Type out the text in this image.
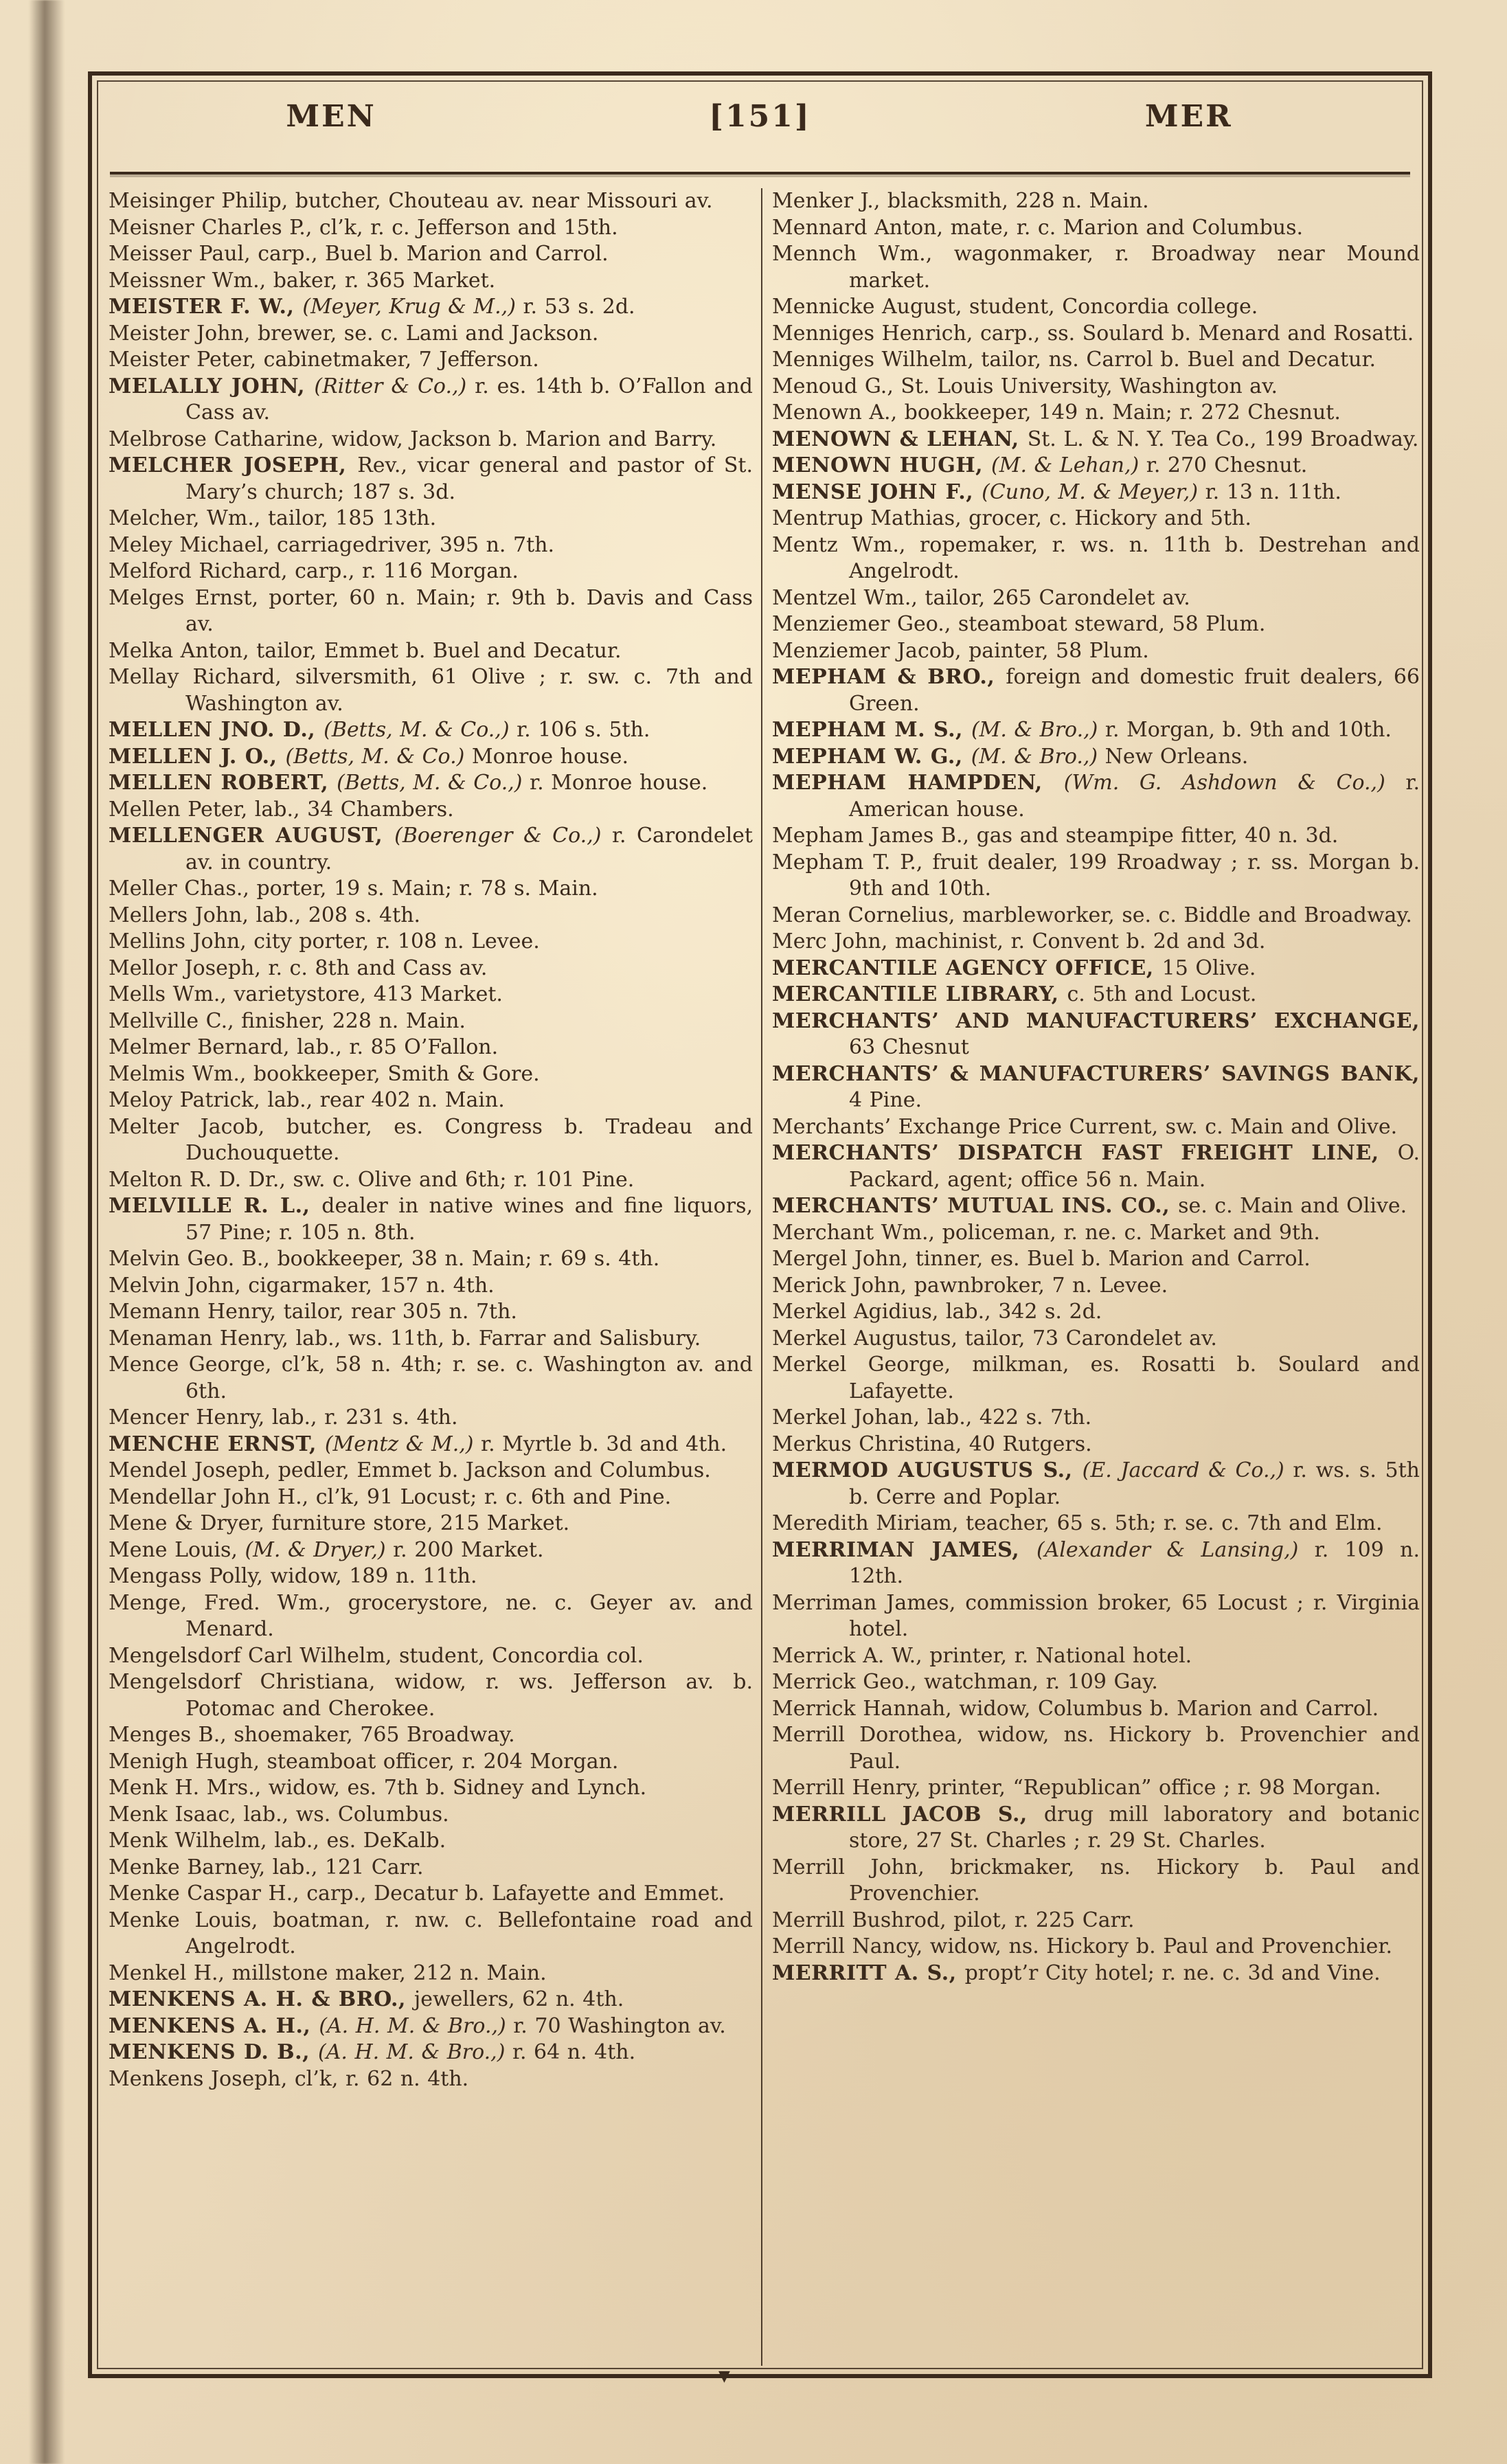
MEN	[151]	MER

Meisinger Philip, butcher, Chouteau av. near Missouri av.

Meisner Charles P., cl’k, r. c. Jefferson and 15th.

Meisser Paul, carp., Buel b. Marion and Carrol.

Meissner Wm., baker, r. 365 Market.

MEISTER F. W., (Meyer, Krug & M.,) r. 53 s. 2d.

Meister John, brewer, se. c. Lami and Jackson.

Meister Peter, cabinetmaker, 7 Jefferson.

MELALLY JOHN, (Ritter & Co.,) r. es. 14th b. O’Fallon and Cass av.

Melbrose Catharine, widow, Jackson b. Marion and Barry.

MELCHER JOSEPH, Rev., vicar general and pastor of St. Mary’s church; 187 s. 3d.

Melcher, Wm., tailor, 185 13th.

Meley Michael, carriagedriver, 395 n. 7th.

Melford Richard, carp., r. 116 Morgan.

Melges Ernst, porter, 60 n. Main; r. 9th b. Davis and Cass av.

Melka Anton, tailor, Emmet b. Buel and Decatur.

Mellay Richard, silversmith, 61 Olive ; r. sw. c. 7th and Washington av.

MELLEN JNO. D., (Betts, M. & Co.,) r. 106 s. 5th.

MELLEN J. O., (Betts, M. & Co.) Monroe house.

MELLEN ROBERT, (Betts, M. & Co.,) r. Monroe house.

Mellen Peter, lab., 34 Chambers.

MELLENGER AUGUST, (Boerenger & Co.,) r. Carondelet av. in country.

Meller Chas., porter, 19 s. Main; r. 78 s. Main.

Mellers John, lab., 208 s. 4th.

Mellins John, city porter, r. 108 n. Levee.

Mellor Joseph, r. c. 8th and Cass av.

Mells Wm., varietystore, 413 Market.

Mellville C., finisher, 228 n. Main.

Melmer Bernard, lab., r. 85 O’Fallon.

Melmis Wm., bookkeeper, Smith & Gore.

Meloy Patrick, lab., rear 402 n. Main.

Melter Jacob, butcher, es. Congress b. Tradeau and Duchouquette.

Melton R. D. Dr., sw. c. Olive and 6th; r. 101 Pine.

MELVILLE R. L., dealer in native wines and fine liquors, 57 Pine; r. 105 n. 8th.

Melvin Geo. B., bookkeeper, 38 n. Main; r. 69 s. 4th.

Melvin John, cigarmaker, 157 n. 4th.

Memann Henry, tailor, rear 305 n. 7th.

Menaman Henry, lab., ws. 11th, b. Farrar and Salisbury.

Mence George, cl’k, 58 n. 4th; r. se. c. Washington av. and 6th.

Mencer Henry, lab., r. 231 s. 4th.

MENCHE ERNST, (Mentz & M.,) r. Myrtle b. 3d and 4th.

Mendel Joseph, pedler, Emmet b. Jackson and Columbus.

Mendellar John H., cl’k, 91 Locust; r. c. 6th and Pine.

Mene & Dryer, furniture store, 215 Market.

Mene Louis, (M. & Dryer,) r. 200 Market.

Mengass Polly, widow, 189 n. 11th.

Menge, Fred. Wm., grocerystore, ne. c. Geyer av. and Menard.

Mengelsdorf Carl Wilhelm, student, Concordia col.

Mengelsdorf Christiana, widow, r. ws. Jefferson av. b. Potomac and Cherokee.

Menges B., shoemaker, 765 Broadway.

Menigh Hugh, steamboat officer, r. 204 Morgan.

Menk H. Mrs., widow, es. 7th b. Sidney and Lynch.

Menk Isaac, lab., ws. Columbus.

Menk Wilhelm, lab., es. DeKalb.

Menke Barney, lab., 121 Carr.

Menke Caspar H., carp., Decatur b. Lafayette and Emmet.

Menke Louis, boatman, r. nw. c. Bellefontaine road and Angelrodt.

Menkel H., millstone maker, 212 n. Main.

MENKENS A. H. & BRO., jewellers, 62 n. 4th.

MENKENS A. H., (A. H. M. & Bro.,) r. 70 Washington av.

MENKENS D. B., (A. H. M. & Bro.,) r. 64 n. 4th.

Menkens Joseph, cl’k, r. 62 n. 4th.

Menker J., blacksmith, 228 n. Main.

Mennard Anton, mate, r. c. Marion and Columbus.

Mennch Wm., wagonmaker, r. Broadway near Mound market.

Mennicke August, student, Concordia college.

Menniges Henrich, carp., ss. Soulard b. Menard and Rosatti.

Menniges Wilhelm, tailor, ns. Carrol b. Buel and Decatur.

Menoud G., St. Louis University, Washington av.

Menown A., bookkeeper, 149 n. Main; r. 272 Chesnut.

MENOWN & LEHAN, St. L. & N. Y. Tea Co., 199 Broadway.

MENOWN HUGH, (M. & Lehan,) r. 270 Chesnut.

MENSE JOHN F., (Cuno, M. & Meyer,) r. 13 n. 11th.

Mentrup Mathias, grocer, c. Hickory and 5th.

Mentz Wm., ropemaker, r. ws. n. 11th b. Destrehan and Angelrodt.

Mentzel Wm., tailor, 265 Carondelet av.

Menziemer Geo., steamboat steward, 58 Plum.

Menziemer Jacob, painter, 58 Plum.

MEPHAM & BRO., foreign and domestic fruit dealers, 66 Green.

MEPHAM M. S., (M. & Bro.,) r. Morgan, b. 9th and 10th.

MEPHAM W. G., (M. & Bro.,) New Orleans.

MEPHAM HAMPDEN, (Wm. G. Ashdown & Co.,) r. American house.

Mepham James B., gas and steampipe fitter, 40 n. 3d.

Mepham T. P., fruit dealer, 199 Rroadway ; r. ss. Morgan b. 9th and 10th.

Meran Cornelius, marbleworker, se. c. Biddle and Broadway.

Merc John, machinist, r. Convent b. 2d and 3d.

MERCANTILE AGENCY OFFICE, 15 Olive.

MERCANTILE LIBRARY, c. 5th and Locust.

MERCHANTS’ AND MANUFACTURERS’ EXCHANGE, 63 Chesnut

MERCHANTS’ & MANUFACTURERS’ SAVINGS BANK, 4 Pine.

Merchants’ Exchange Price Current, sw. c. Main and Olive.

MERCHANTS’ DISPATCH FAST FREIGHT LINE, O. Packard, agent; office 56 n. Main.

MERCHANTS’ MUTUAL INS. CO., se. c. Main and Olive.

Merchant Wm., policeman, r. ne. c. Market and 9th.

Mergel John, tinner, es. Buel b. Marion and Carrol.

Merick John, pawnbroker, 7 n. Levee.

Merkel Agidius, lab., 342 s. 2d.

Merkel Augustus, tailor, 73 Carondelet av.

Merkel George, milkman, es. Rosatti b. Soulard and Lafayette.

Merkel Johan, lab., 422 s. 7th.

Merkus Christina, 40 Rutgers.

MERMOD AUGUSTUS S., (E. Jaccard & Co.,) r. ws. s. 5th b. Cerre and Poplar.

Meredith Miriam, teacher, 65 s. 5th; r. se. c. 7th and Elm.

MERRIMAN JAMES, (Alexander & Lansing,) r. 109 n. 12th.

Merriman James, commission broker, 65 Locust ; r. Virginia hotel.

Merrick A. W., printer, r. National hotel.

Merrick Geo., watchman, r. 109 Gay.

Merrick Hannah, widow, Columbus b. Marion and Carrol.

Merrill Dorothea, widow, ns. Hickory b. Provenchier and Paul.

Merrill Henry, printer, “Republican” office ; r. 98 Morgan.

MERRILL JACOB S., drug mill laboratory and botanic store, 27 St. Charles ; r. 29 St. Charles.

Merrill John, brickmaker, ns. Hickory b. Paul and Provenchier.

Merrill Bushrod, pilot, r. 225 Carr.

Merrill Nancy, widow, ns. Hickory b. Paul and Provenchier.

MERRITT A. S., propt’r City hotel; r. ne. c. 3d and Vine.

▼
